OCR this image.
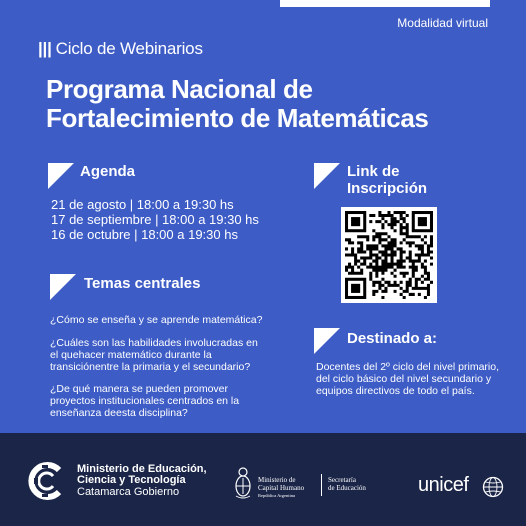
Modalidad virtual
||| Ciclo de Webinarios
Programa Nacional de
Fortalecimiento de Matemáticas
Agenda
21 de agosto | 18:00 a 19:30 hs
17 de septiembre | 18:00 a 19:30 hs
16 de octubre | 18:00 a 19:30 hs
Link de
Inscripción
Temas centrales
¿Cómo se enseña y se aprende matemática?
¿Cuáles son las habilidades involucradas en
el quehacer matemático durante la
transiciónentre la primaria y el secundario?
¿De qué manera se pueden promover
proyectos institucionales centrados en la
enseñanza deesta disciplina?
Destinado a:
Docentes del 2º ciclo del nivel primario,
del ciclo básico del nivel secundario y
equipos directivos de todo el país.
Ministerio de Educación,
Ciencia y Tecnología
Catamarca Gobierno
Ministerio de
Capital Humano
República Argentina
Secretaría
de Educación	unicef
